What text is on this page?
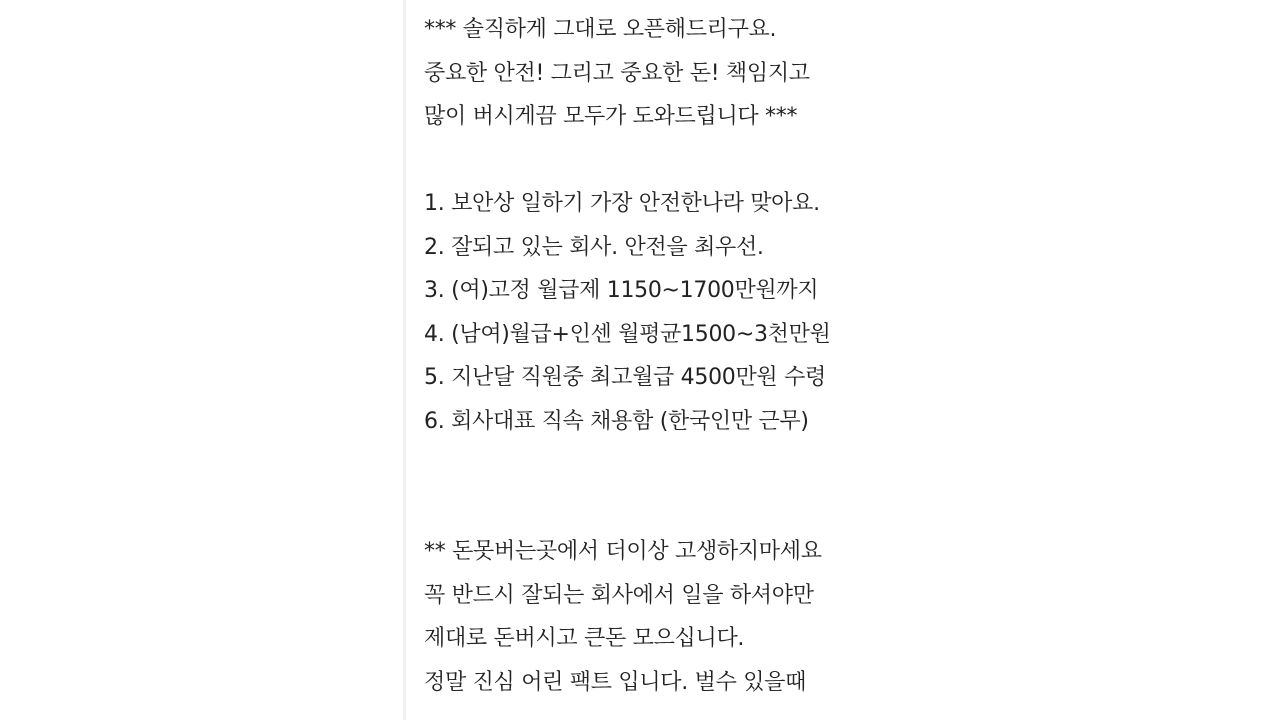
*** 솔직하게 그대로 오픈해드리구요.
중요한 안전! 그리고 중요한 돈! 책임지고
많이 버시게끔 모두가 도와드립니다 ***
1. 보안상 일하기 가장 안전한나라 맞아요.
2. 잘되고 있는 회사. 안전을 최우선.
3. (여)고정 월급제 1150~1700만원까지
4. (남여)월급+인센 월평균1500~3천만원
5. 지난달 직원중 최고월급 4500만원 수령
6. 회사대표 직속 채용함 (한국인만 근무)
** 돈못버는곳에서 더이상 고생하지마세요
꼭 반드시 잘되는 회사에서 일을 하셔야만
제대로 돈버시고 큰돈 모으십니다.
정말 진심 어린 팩트 입니다. 벌수 있을때
